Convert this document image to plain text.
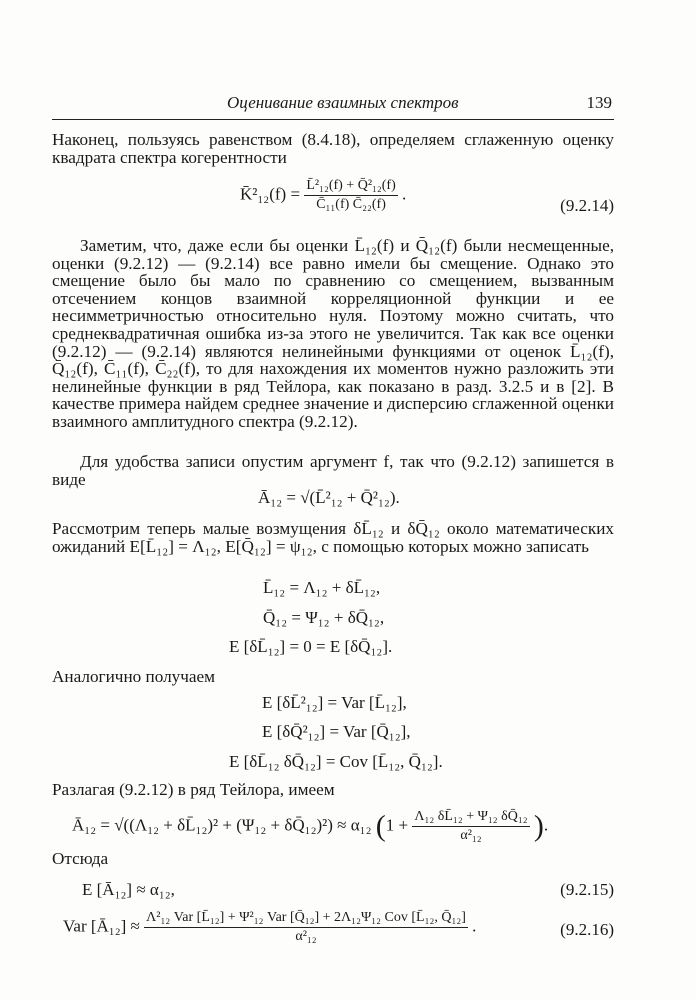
Оценивание взаимных спектров	139
Наконец, пользуясь равенством (8.4.18), определяем сглаженную оценку квадрата спектра когерентности
K̄²₁₂(f) = $\frac{\text{L̄²₁₂(f) + Q̄²₁₂(f)}}{\text{C̄₁₁(f) C̄₂₂(f)}}$ .
(9.2.14)
Заметим, что, даже если бы оценки L̄₁₂(f) и Q̄₁₂(f) были несмещенные, оценки (9.2.12) — (9.2.14) все равно имели бы смещение. Однако это смещение было бы мало по сравнению со смещением, вызванным отсечением концов взаимной корреляционной функции и ее несимметричностью относительно нуля. Поэтому можно считать, что среднеквадратичная ошибка из-за этого не увеличится. Так как все оценки (9.2.12) — (9.2.14) являются нелинейными функциями от оценок L̄₁₂(f), Q̄₁₂(f), C̄₁₁(f), C̄₂₂(f), то для нахождения их моментов нужно разложить эти нелинейные функции в ряд Тейлора, как показано в разд. 3.2.5 и в [2]. В качестве примера найдем среднее значение и дисперсию сглаженной оценки взаимного амплитудного спектра (9.2.12).
Для удобства записи опустим аргумент f, так что (9.2.12) запишется в виде
Ā₁₂ = √(L̄²₁₂ + Q̄²₁₂).
Рассмотрим теперь малые возмущения δL̄₁₂ и δQ̄₁₂ около математических ожиданий E[L̄₁₂] = Λ₁₂, E[Q̄₁₂] = ψ₁₂, с помощью которых можно записать
L̄₁₂ = Λ₁₂ + δL̄₁₂,
Q̄₁₂ = Ψ₁₂ + δQ̄₁₂,
E [δL̄₁₂] = 0 = E [δQ̄₁₂].
Аналогично получаем
E [δL̄²₁₂] = Var [L̄₁₂],
E [δQ̄²₁₂] = Var [Q̄₁₂],
E [δL̄₁₂ δQ̄₁₂] = Cov [L̄₁₂, Q̄₁₂].
Разлагая (9.2.12) в ряд Тейлора, имеем
Ā₁₂ = √((Λ₁₂ + δL̄₁₂)² + (Ψ₁₂ + δQ̄₁₂)²) ≈ α₁₂ ($1 + \frac{\text{Λ₁₂ δL̄₁₂ + Ψ₁₂ δQ̄₁₂}}{\text{α²₁₂}}$ ).
Отсюда
E [Ā₁₂] ≈ α₁₂,	(9.2.15)
Var [Ā₁₂] ≈ $\frac{\text{Λ²₁₂ Var [L̄₁₂] + Ψ²₁₂ Var [Q̄₁₂] + 2Λ₁₂Ψ₁₂ Cov [L̄₁₂, Q̄₁₂]}}{\text{α²₁₂}}$ .	(9.2.16)
